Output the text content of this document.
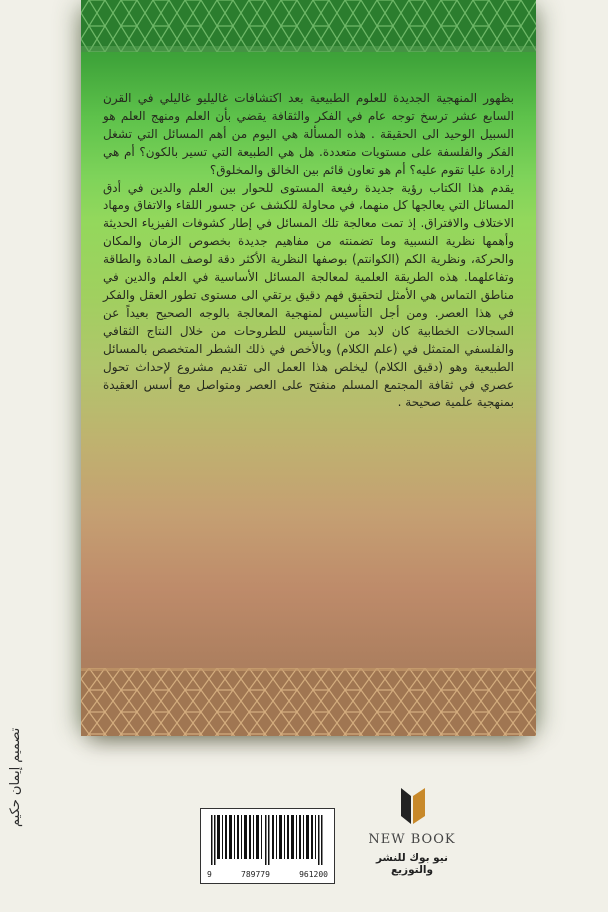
بظهور المنهجية الجديدة للعلوم الطبيعية بعد اكتشافات غاليليو غاليلي في القرن السابع عشر ترسخ توجه عام في الفكر والثقافة يقضي بأن العلم ومنهج العلم هو السبيل الوحيد الى الحقيقة . هذه المسألة هي اليوم من أهم المسائل التي تشغل الفكر والفلسفة على مستويات متعددة. هل هي الطبيعة التي تسير بالكون؟ أم هي إرادة عليا تقوم عليه؟ أم هو تعاون قائم بين الخالق والمخلوق؟

يقدم هذا الكتاب رؤية جديدة رفيعة المستوى للحوار بين العلم والدين في أدق المسائل التي يعالجها كل منهما، في محاولة للكشف عن جسور اللقاء والاتفاق ومهاد الاختلاف والافتراق. إذ تمت معالجة تلك المسائل في إطار كشوفات الفيزياء الحديثة وأهمها نظرية النسبية وما تضمنته من مفاهيم جديدة بخصوص الزمان والمكان والحركة، ونظرية الكم (الكوانتم) بوصفها النظرية الأكثر دقة لوصف المادة والطاقة وتفاعلهما. هذه الطريقة العلمية لمعالجة المسائل الأساسية في العلم والدين في مناطق التماس هي الأمثل لتحقيق فهم دقيق يرتقي الى مستوى تطور العقل والفكر في هذا العصر. ومن أجل التأسيس لمنهجية المعالجة بالوجه الصحيح بعيداً عن السجالات الخطابية كان لابد من التأسيس للطروحات من خلال النتاج الثقافي والفلسفي المتمثل في (علم الكلام) وبالأخص في ذلك الشطر المتخصص بالمسائل الطبيعية وهو (دقيق الكلام) ليخلص هذا العمل الى تقديم مشروع لإحداث تحول عصري في ثقافة المجتمع المسلم منفتح على العصر ومتواصل مع أسس العقيدة بمنهجية علمية صحيحة .

تصميم إيمان حكيم
9	789779	961200
NEW BOOK
نيو بوك للنشر والتوزيع
